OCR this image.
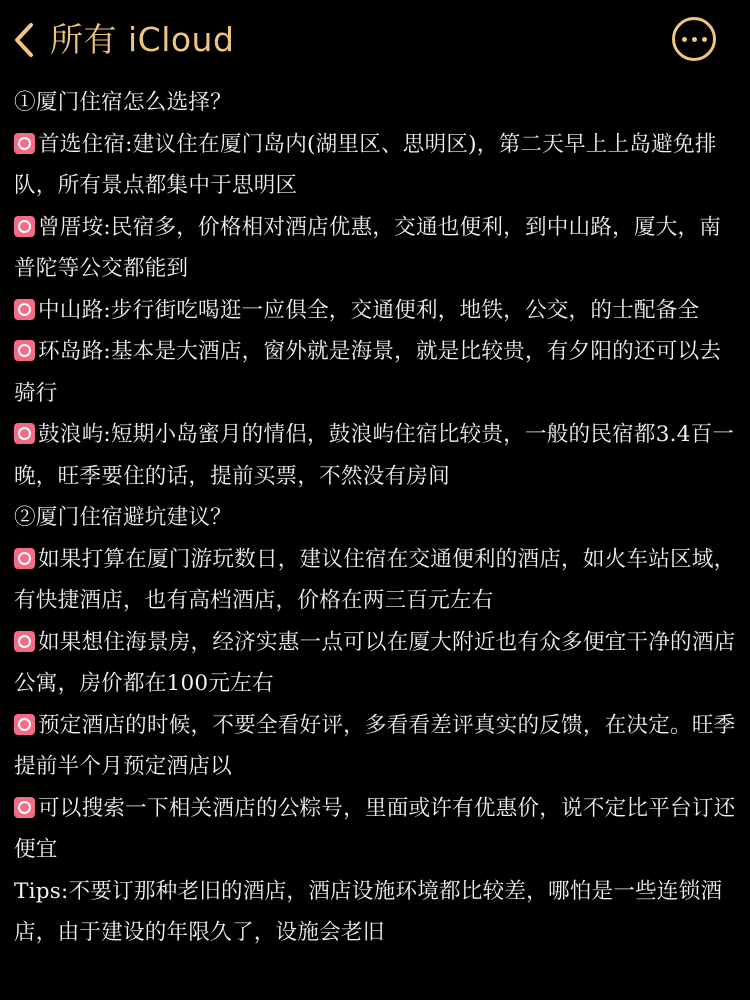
所有 iCloud

①厦门住宿怎么选择？

首选住宿:建议住在厦门岛内(湖里区、思明区)，第二天早上上岛避免排队，所有景点都集中于思明区

曾厝垵:民宿多，价格相对酒店优惠，交通也便利，到中山路，厦大，南普陀等公交都能到

中山路:步行街吃喝逛一应俱全，交通便利，地铁，公交，的士配备全

环岛路:基本是大酒店，窗外就是海景，就是比较贵，有夕阳的还可以去骑行

鼓浪屿:短期小岛蜜月的情侣，鼓浪屿住宿比较贵，一般的民宿都3.4百一晚，旺季要住的话，提前买票，不然没有房间

②厦门住宿避坑建议？

如果打算在厦门游玩数日，建议住宿在交通便利的酒店，如火车站区域，有快捷酒店，也有高档酒店，价格在两三百元左右

如果想住海景房，经济实惠一点可以在厦大附近也有众多便宜干净的酒店公寓，房价都在100元左右

预定酒店的时候，不要全看好评，多看看差评真实的反馈，在决定。旺季提前半个月预定酒店以

可以搜索一下相关酒店的公粽号，里面或许有优惠价，说不定比平台订还便宜

Tips:不要订那种老旧的酒店，酒店设施环境都比较差，哪怕是一些连锁酒店，由于建设的年限久了，设施会老旧
